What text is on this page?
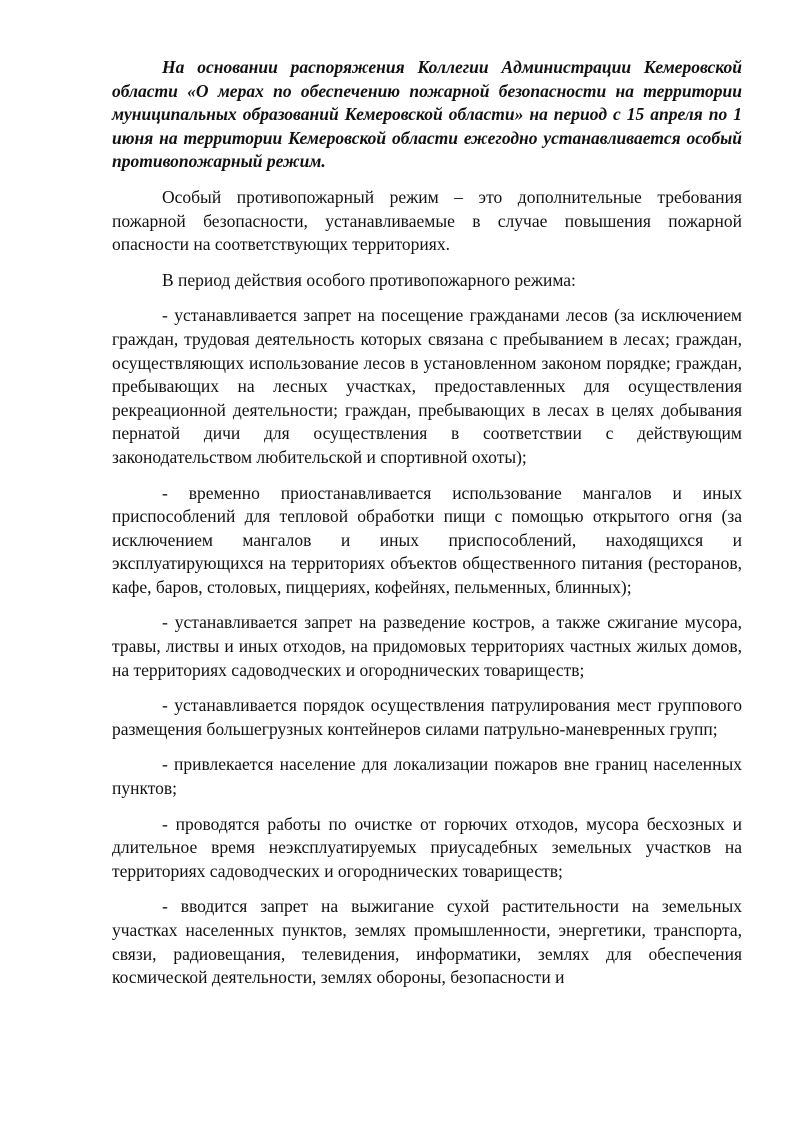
На основании распоряжения Коллегии Администрации Кемеровской области «О мерах по обеспечению пожарной безопасности на территории муниципальных образований Кемеровской области» на период с 15 апреля по 1 июня на территории Кемеровской области ежегодно устанавливается особый противопожарный режим.

Особый противопожарный режим – это дополнительные требования пожарной безопасности, устанавливаемые в случае повышения пожарной опасности на соответствующих территориях.

В период действия особого противопожарного режима:

- устанавливается запрет на посещение гражданами лесов (за исключением граждан, трудовая деятельность которых связана с пребыванием в лесах; граждан, осуществляющих использование лесов в установленном законом порядке; граждан, пребывающих на лесных участках, предоставленных для осуществления рекреационной деятельности; граждан, пребывающих в лесах в целях добывания пернатой дичи для осуществления в соответствии с действующим законодательством любительской и спортивной охоты);

- временно приостанавливается использование мангалов и иных приспособлений для тепловой обработки пищи с помощью открытого огня (за исключением мангалов и иных приспособлений, находящихся и эксплуатирующихся на территориях объектов общественного питания (ресторанов, кафе, баров, столовых, пиццериях, кофейнях, пельменных, блинных);

- устанавливается запрет на разведение костров, а также сжигание мусора, травы, листвы и иных отходов, на придомовых территориях частных жилых домов, на территориях садоводческих и огороднических товариществ;

- устанавливается порядок осуществления патрулирования мест группового размещения большегрузных контейнеров силами патрульно-маневренных групп;

- привлекается население для локализации пожаров вне границ населенных пунктов;

- проводятся работы по очистке от горючих отходов, мусора бесхозных и длительное время неэксплуатируемых приусадебных земельных участков на территориях садоводческих и огороднических товариществ;

- вводится запрет на выжигание сухой растительности на земельных участках населенных пунктов, землях промышленности, энергетики, транспорта, связи, радиовещания, телевидения, информатики, землях для обеспечения космической деятельности, землях обороны, безопасности и
